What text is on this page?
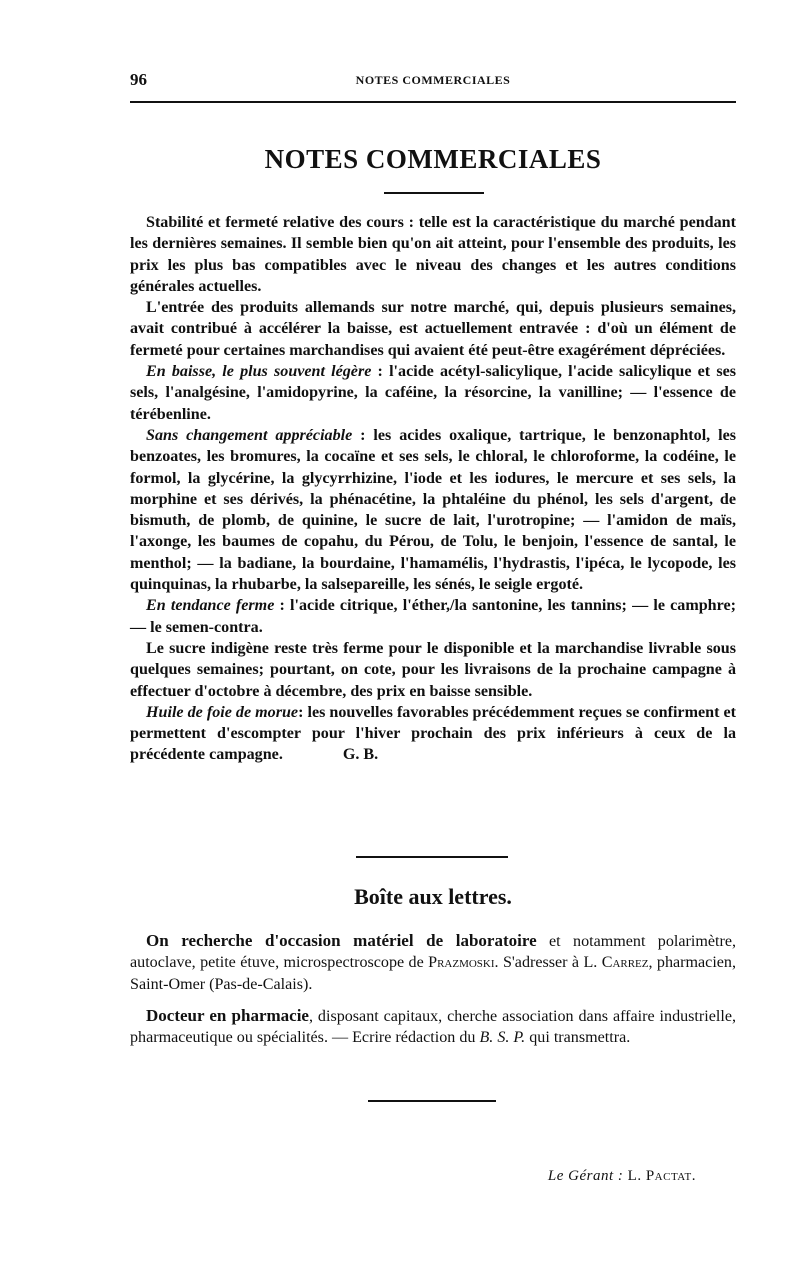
96	NOTES COMMERCIALES
NOTES COMMERCIALES

Stabilité et fermeté relative des cours : telle est la caractéristique du marché pendant les dernières semaines. Il semble bien qu'on ait atteint, pour l'ensemble des produits, les prix les plus bas compatibles avec le niveau des changes et les autres conditions générales actuelles.

L'entrée des produits allemands sur notre marché, qui, depuis plusieurs semaines, avait contribué à accélérer la baisse, est actuellement entravée : d'où un élément de fermeté pour certaines marchandises qui avaient été peut-être exagérément dépréciées.

En baisse, le plus souvent légère : l'acide acétyl-salicylique, l'acide salicylique et ses sels, l'analgésine, l'amidopyrine, la caféine, la résorcine, la vanilline; — l'essence de térébenline.

Sans changement appréciable : les acides oxalique, tartrique, le benzonaphtol, les benzoates, les bromures, la cocaïne et ses sels, le chloral, le chloroforme, la codéine, le formol, la glycérine, la glycyrrhizine, l'iode et les iodures, le mercure et ses sels, la morphine et ses dérivés, la phénacétine, la phtaléine du phénol, les sels d'argent, de bismuth, de plomb, de quinine, le sucre de lait, l'urotropine; — l'amidon de maïs, l'axonge, les baumes de copahu, du Pérou, de Tolu, le benjoin, l'essence de santal, le menthol; — la badiane, la bourdaine, l'hamamélis, l'hydrastis, l'ipéca, le lycopode, les quinquinas, la rhubarbe, la salsepareille, les sénés, le seigle ergoté.

En tendance ferme : l'acide citrique, l'éther,/la santonine, les tannins; — le camphre; — le semen-contra.

Le sucre indigène reste très ferme pour le disponible et la marchandise livrable sous quelques semaines; pourtant, on cote, pour les livraisons de la prochaine campagne à effectuer d'octobre à décembre, des prix en baisse sensible.

Huile de foie de morue: les nouvelles favorables précédemment reçues se confirment et permettent d'escompter pour l'hiver prochain des prix inférieurs à ceux de la précédente campagne.	G. B.

Boîte aux lettres.

On recherche d'occasion matériel de laboratoire et notamment polarimètre, autoclave, petite étuve, microspectroscope de Prazmoski. S'adresser à L. Carrez, pharmacien, Saint-Omer (Pas-de-Calais).

Docteur en pharmacie, disposant capitaux, cherche association dans affaire industrielle, pharmaceutique ou spécialités. — Ecrire rédaction du B. S. P. qui transmettra.

Le Gérant : L. Pactat.
